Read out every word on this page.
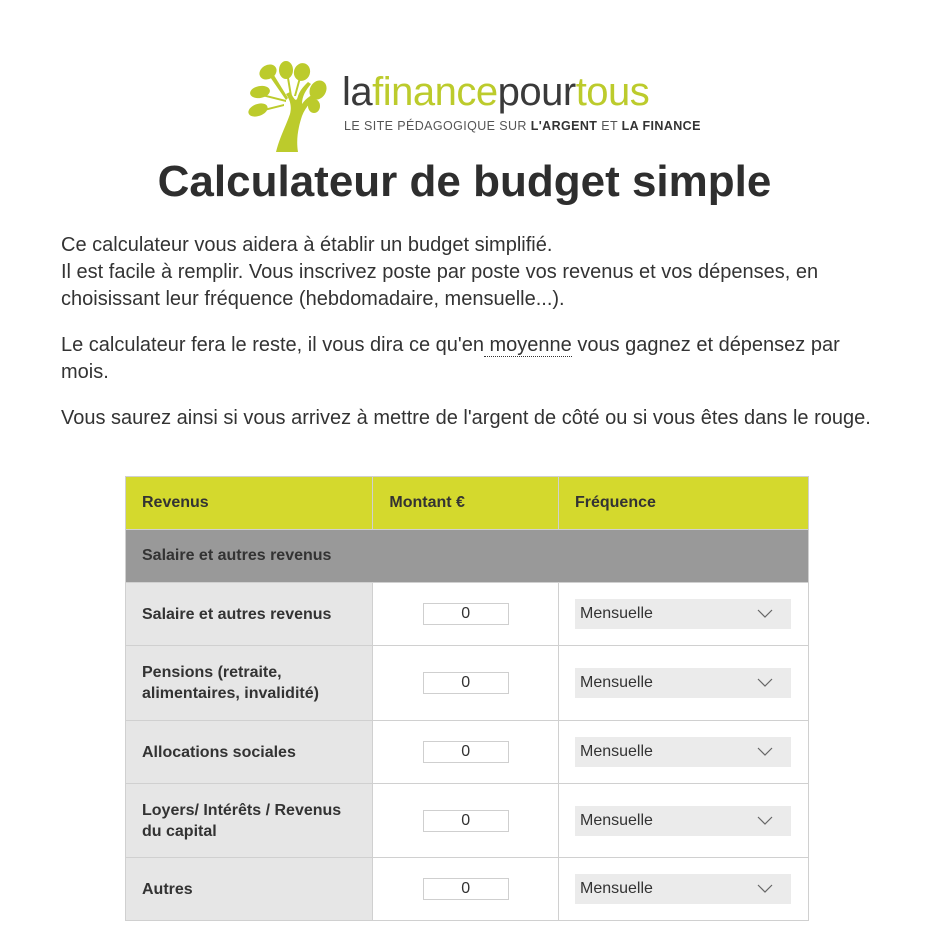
lafinancepourtous
LE SITE PÉDAGOGIQUE SUR L'ARGENT ET LA FINANCE
Calculateur de budget simple

Ce calculateur vous aidera à établir un budget simplifié.
Il est facile à remplir. Vous inscrivez poste par poste vos revenus et vos dépenses, en choisissant leur fréquence (hebdomadaire, mensuelle...).

Le calculateur fera le reste, il vous dira ce qu'en moyenne vous gagnez et dépensez par mois.

Vous saurez ainsi si vous arrivez à mettre de l'argent de côté ou si vous êtes dans le rouge.

Revenus	Montant €	Fréquence
Salaire et autres revenus		
Salaire et autres revenus	0	Mensuelle

Pensions (retraite, alimentaires, invalidité)	0	Mensuelle

Allocations sociales	0	Mensuelle

Loyers/ Intérêts / Revenus du capital	0	Mensuelle

Autres	0	Mensuelle
